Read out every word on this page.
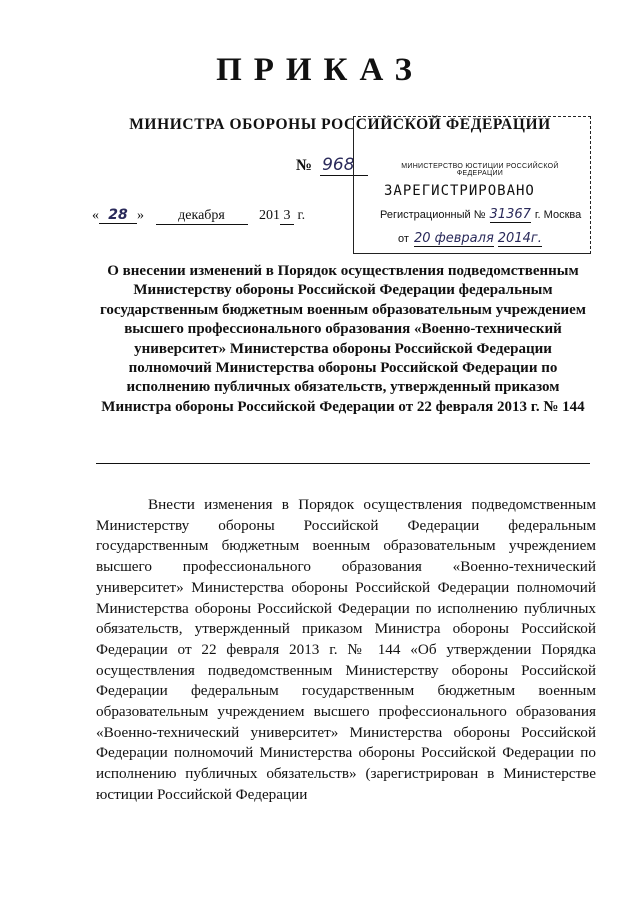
ПРИКАЗ
МИНИСТРА ОБОРОНЫ РОССИЙСКОЙ ФЕДЕРАЦИИ
№ 968
« 28 » декабря 201 3 г.
МИНИСТЕРСТВО ЮСТИЦИИ РОССИЙСКОЙ ФЕДЕРАЦИИ
ЗАРЕГИСТРИРОВАНО
Регистрационный № 31367 г. Москва
от 20 февраля 2014г.
О внесении изменений в Порядок осуществления подведомственным Министерству обороны Российской Федерации федеральным государственным бюджетным военным образовательным учреждением высшего профессионального образования «Военно-технический университет» Министерства обороны Российской Федерации полномочий Министерства обороны Российской Федерации по исполнению публичных обязательств, утвержденный приказом Министра обороны Российской Федерации от 22 февраля 2013 г. № 144
Внести изменения в Порядок осуществления подведомственным Министерству обороны Российской Федерации федеральным государственным бюджетным военным образовательным учреждением высшего профессионального образования «Военно-технический университет» Министерства обороны Российской Федерации полномочий Министерства обороны Российской Федерации по исполнению публичных обязательств, утвержденный приказом Министра обороны Российской Федерации от 22 февраля 2013 г. № 144 «Об утверждении Порядка осуществления подведомственным Министерству обороны Российской Федерации федеральным государственным бюджетным военным образовательным учреждением высшего профессионального образования «Военно-технический университет» Министерства обороны Российской Федерации полномочий Министерства обороны Российской Федерации по исполнению публичных обязательств» (зарегистрирован в Министерстве юстиции Российской Федерации
